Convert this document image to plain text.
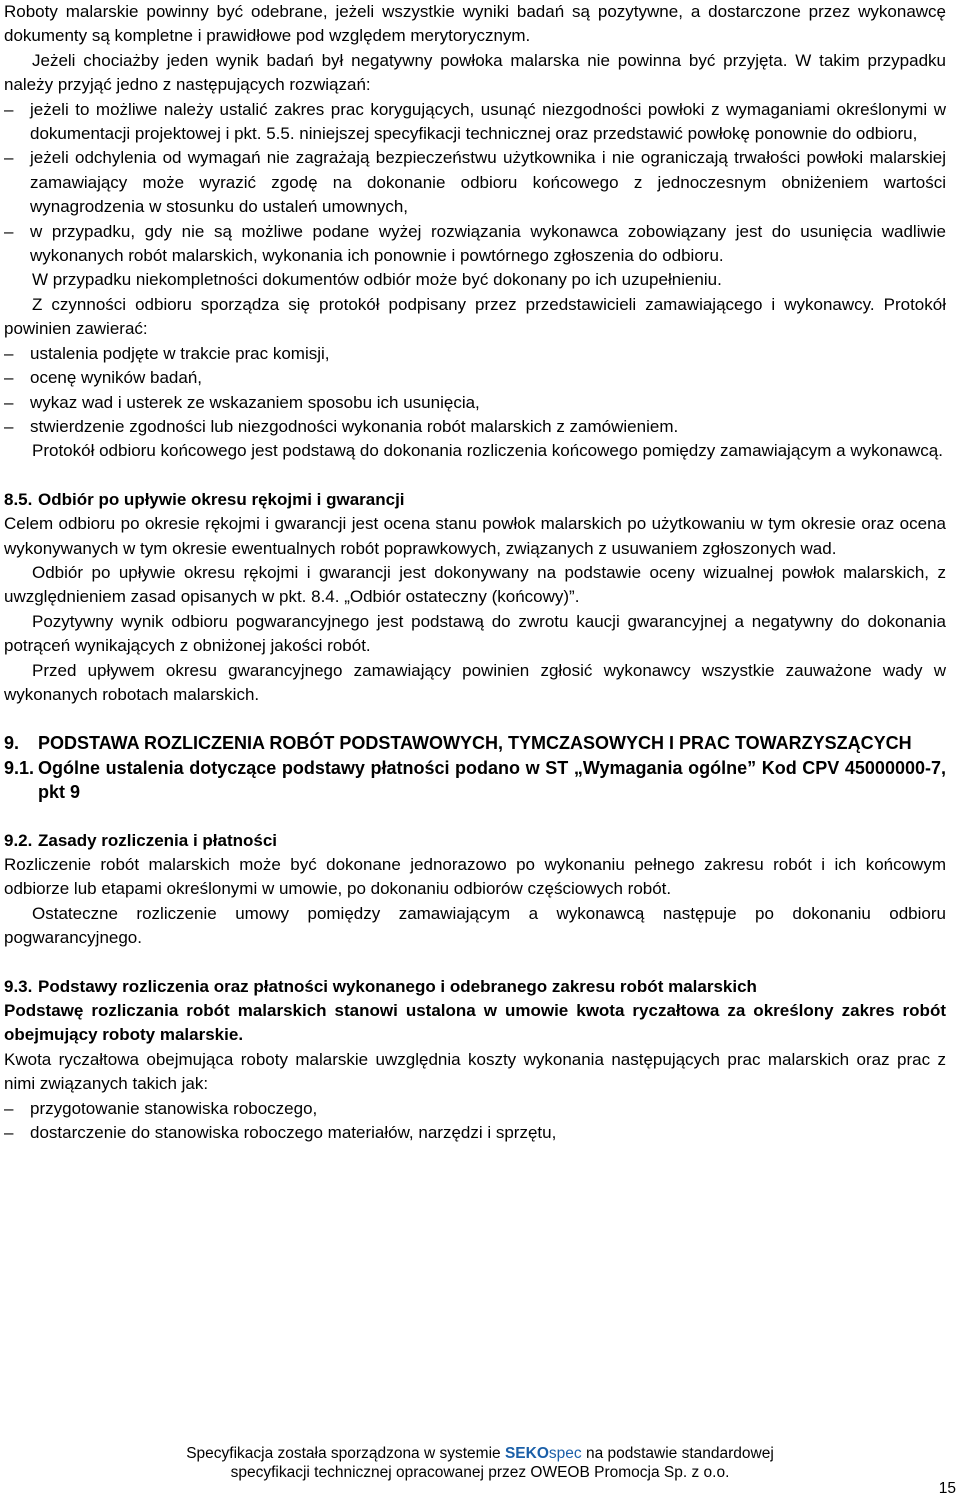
Roboty malarskie powinny być odebrane, jeżeli wszystkie wyniki badań są pozytywne, a dostarczone przez wykonawcę dokumenty są kompletne i prawidłowe pod względem merytorycznym.

Jeżeli chociażby jeden wynik badań był negatywny powłoka malarska nie powinna być przyjęta. W takim przypadku należy przyjąć jedno z następujących rozwiązań:

– jeżeli to możliwe należy ustalić zakres prac korygujących, usunąć niezgodności powłoki z wymaganiami określonymi w dokumentacji projektowej i pkt. 5.5. niniejszej specyfikacji technicznej oraz przedstawić powłokę ponownie do odbioru,
– jeżeli odchylenia od wymagań nie zagrażają bezpieczeństwu użytkownika i nie ograniczają trwałości powłoki malarskiej zamawiający może wyrazić zgodę na dokonanie odbioru końcowego z jednoczesnym obniżeniem wartości wynagrodzenia w stosunku do ustaleń umownych,
– w przypadku, gdy nie są możliwe podane wyżej rozwiązania wykonawca zobowiązany jest do usunięcia wadliwie wykonanych robót malarskich, wykonania ich ponownie i powtórnego zgłoszenia do odbioru.

W przypadku niekompletności dokumentów odbiór może być dokonany po ich uzupełnieniu.

Z czynności odbioru sporządza się protokół podpisany przez przedstawicieli zamawiającego i wykonawcy. Protokół powinien zawierać:

– ustalenia podjęte w trakcie prac komisji,
– ocenę wyników badań,
– wykaz wad i usterek ze wskazaniem sposobu ich usunięcia,
– stwierdzenie zgodności lub niezgodności wykonania robót malarskich z zamówieniem.

Protokół odbioru końcowego jest podstawą do dokonania rozliczenia końcowego pomiędzy zamawiającym a wykonawcą.

8.5. Odbiór po upływie okresu rękojmi i gwarancji

Celem odbioru po okresie rękojmi i gwarancji jest ocena stanu powłok malarskich po użytkowaniu w tym okresie oraz ocena wykonywanych w tym okresie ewentualnych robót poprawkowych, związanych z usuwaniem zgłoszonych wad.

Odbiór po upływie okresu rękojmi i gwarancji jest dokonywany na podstawie oceny wizualnej powłok malarskich, z uwzględnieniem zasad opisanych w pkt. 8.4. „Odbiór ostateczny (końcowy)”.

Pozytywny wynik odbioru pogwarancyjnego jest podstawą do zwrotu kaucji gwarancyjnej a negatywny do dokonania potrąceń wynikających z obniżonej jakości robót.

Przed upływem okresu gwarancyjnego zamawiający powinien zgłosić wykonawcy wszystkie zauważone wady w wykonanych robotach malarskich.

9. PODSTAWA ROZLICZENIA ROBÓT PODSTAWOWYCH, TYMCZASOWYCH I PRAC TOWARZYSZĄCYCH
9.1. Ogólne ustalenia dotyczące podstawy płatności podano w ST „Wymagania ogólne” Kod CPV 45000000-7, pkt 9
9.2. Zasady rozliczenia i płatności

Rozliczenie robót malarskich może być dokonane jednorazowo po wykonaniu pełnego zakresu robót i ich końcowym odbiorze lub etapami określonymi w umowie, po dokonaniu odbiorów częściowych robót.

Ostateczne rozliczenie umowy pomiędzy zamawiającym a wykonawcą następuje po dokonaniu odbioru pogwarancyjnego.

9.3. Podstawy rozliczenia oraz płatności wykonanego i odebranego zakresu robót malarskich

Podstawę rozliczania robót malarskich stanowi ustalona w umowie kwota ryczałtowa za określony zakres robót obejmujący roboty malarskie.

Kwota ryczałtowa obejmująca roboty malarskie uwzględnia koszty wykonania następujących prac malarskich oraz prac z nimi związanych takich jak:

– przygotowanie stanowiska roboczego,
– dostarczenie do stanowiska roboczego materiałów, narzędzi i sprzętu,
Specyfikacja została sporządzona w systemie SEKOspec na podstawie standardowej
specyfikacji technicznej opracowanej przez OWEOB Promocja Sp. z o.o.
15
